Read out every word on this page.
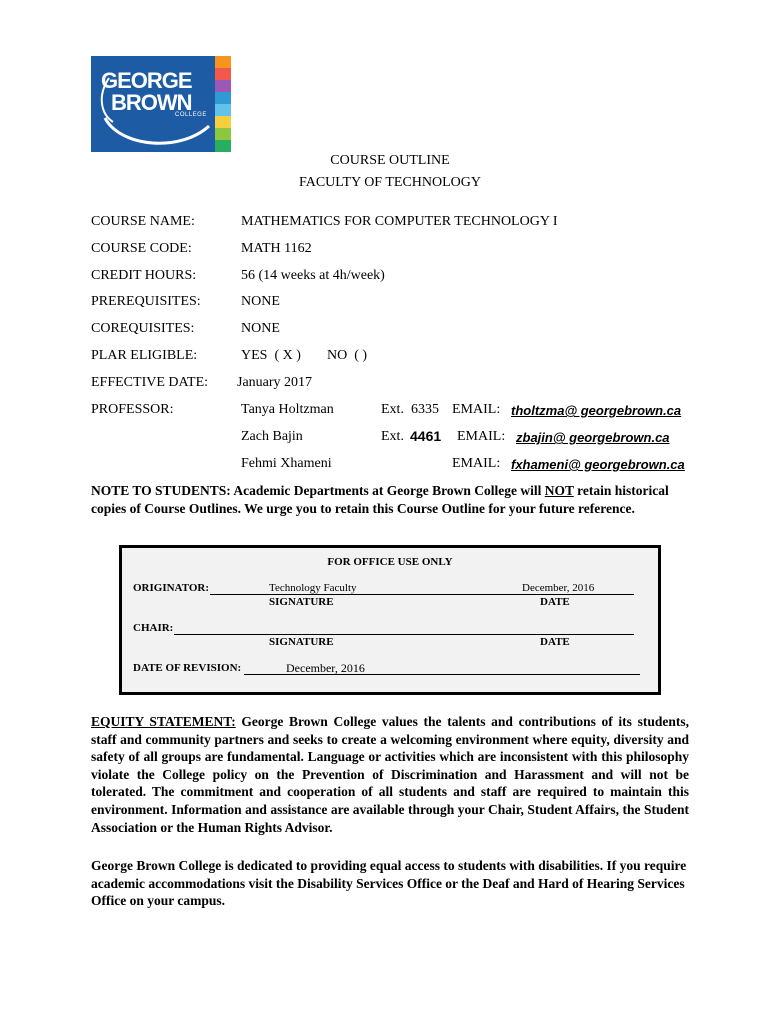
GEORGE
BROWN
COLLEGE
COURSE OUTLINE
FACULTY OF TECHNOLOGY
COURSE NAME:	MATHEMATICS FOR COMPUTER TECHNOLOGY I
COURSE CODE:	MATH 1162
CREDIT HOURS:	56 (14 weeks at 4h/week)
PREREQUISITES:	NONE
COREQUISITES:	NONE
PLAR ELIGIBLE:	YES  ( X ) NO  ( )
EFFECTIVE DATE: January 2017
PROFESSOR:	Tanya Holtzman	Ext. 6335 EMAIL: tholtzma@ georgebrown.ca
Zach Bajin	Ext. 4461 EMAIL: zbajin@ georgebrown.ca
Fehmi Xhameni	EMAIL: fxhameni@ georgebrown.ca
NOTE TO STUDENTS: Academic Departments at George Brown College will NOT retain historical copies of Course Outlines. We urge you to retain this Course Outline for your future reference.
FOR OFFICE USE ONLY
ORIGINATOR:	Technology Faculty	December, 2016
SIGNATURE	DATE
CHAIR:
SIGNATURE	DATE
DATE OF REVISION:	December, 2016
EQUITY STATEMENT: George Brown College values the talents and contributions of its students, staff and community partners and seeks to create a welcoming environment where equity, diversity and safety of all groups are fundamental. Language or activities which are inconsistent with this philosophy violate the College policy on the Prevention of Discrimination and Harassment and will not be tolerated. The commitment and cooperation of all students and staff are required to maintain this environment. Information and assistance are available through your Chair, Student Affairs, the Student Association or the Human Rights Advisor.
George Brown College is dedicated to providing equal access to students with disabilities. If you require academic accommodations visit the Disability Services Office or the Deaf and Hard of Hearing Services Office on your campus.
